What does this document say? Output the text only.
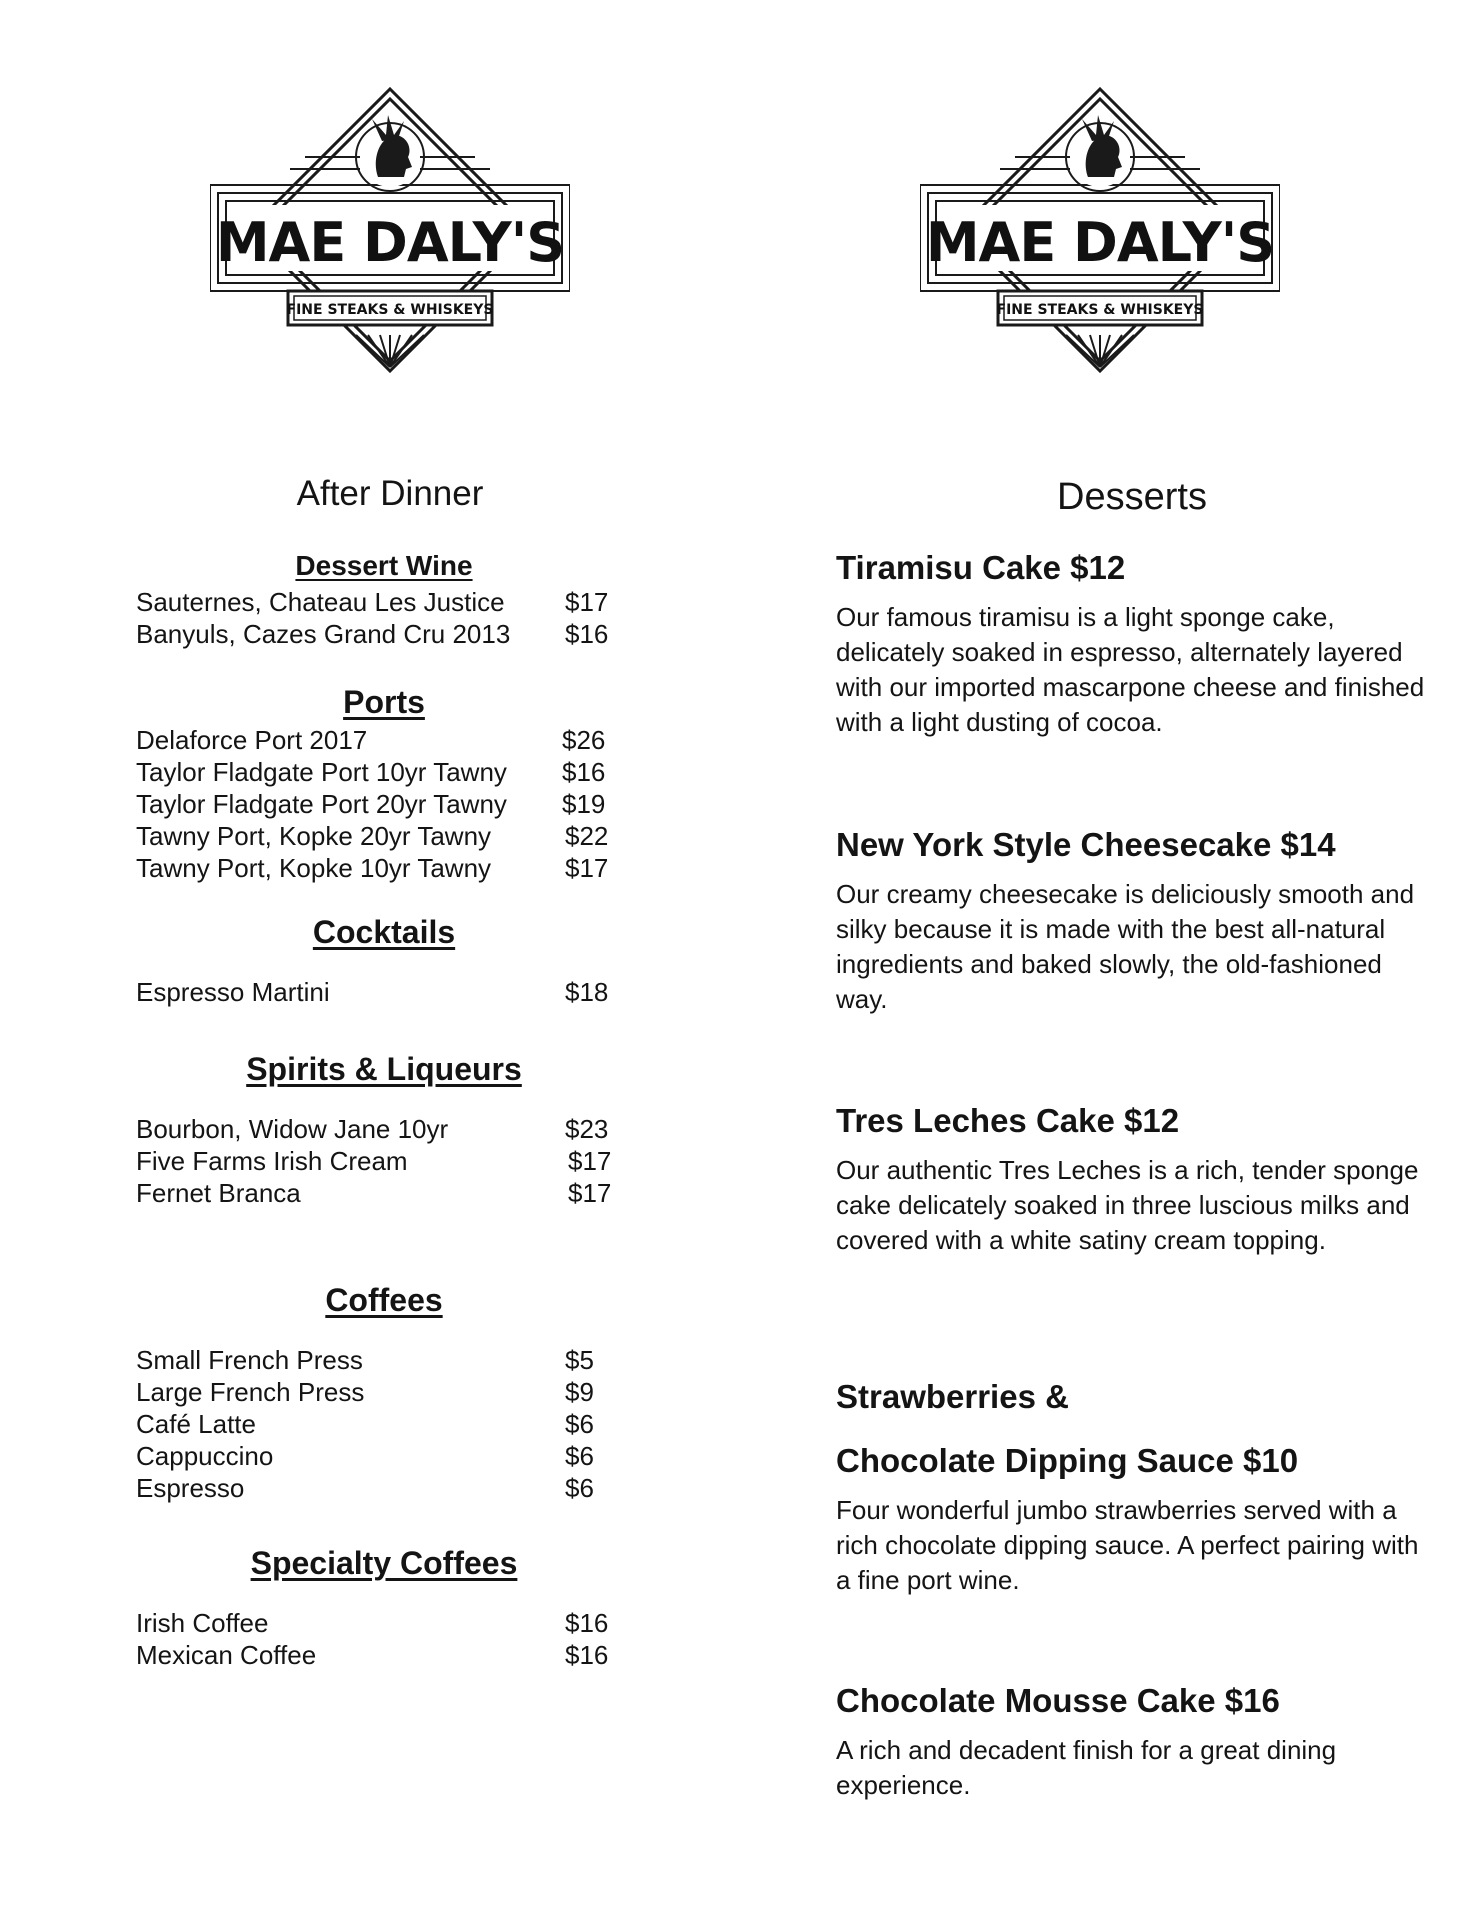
MAE DALY'S
FINE STEAKS & WHISKEYS
After Dinner
Dessert Wine
Sauternes, Chateau Les Justice $17
Banyuls, Cazes Grand Cru 2013 $16
Ports
Delaforce Port 2017	$26
Taylor Fladgate Port 10yr Tawny $16
Taylor Fladgate Port 20yr Tawny $19
Tawny Port, Kopke 20yr Tawny	$22
Tawny Port, Kopke 10yr Tawny	$17
Cocktails
Espresso Martini	$18
Spirits & Liqueurs
Bourbon, Widow Jane 10yr	$23
Five Farms Irish Cream	$17
Fernet Branca	$17
Coffees
Small French Press	$5
Large French Press	$9
Café Latte	$6
Cappuccino	$6
Espresso	$6
Specialty Coffees
Irish Coffee	$16
Mexican Coffee	$16
MAE DALY'S
FINE STEAKS & WHISKEYS
Desserts
Tiramisu Cake $12

Our famous tiramisu is a light sponge cake, delicately soaked in espresso, alternately layered with our imported mascarpone cheese and finished with a light dusting of cocoa.

New York Style Cheesecake $14

Our creamy cheesecake is deliciously smooth and silky because it is made with the best all-natural ingredients and baked slowly, the old-fashioned way.

Tres Leches Cake $12

Our authentic Tres Leches is a rich, tender sponge cake delicately soaked in three luscious milks and covered with a white satiny cream topping.

Strawberries &
Chocolate Dipping Sauce $10

Four wonderful jumbo strawberries served with a rich chocolate dipping sauce. A perfect pairing with a fine port wine.

Chocolate Mousse Cake $16

A rich and decadent finish for a great dining experience.
